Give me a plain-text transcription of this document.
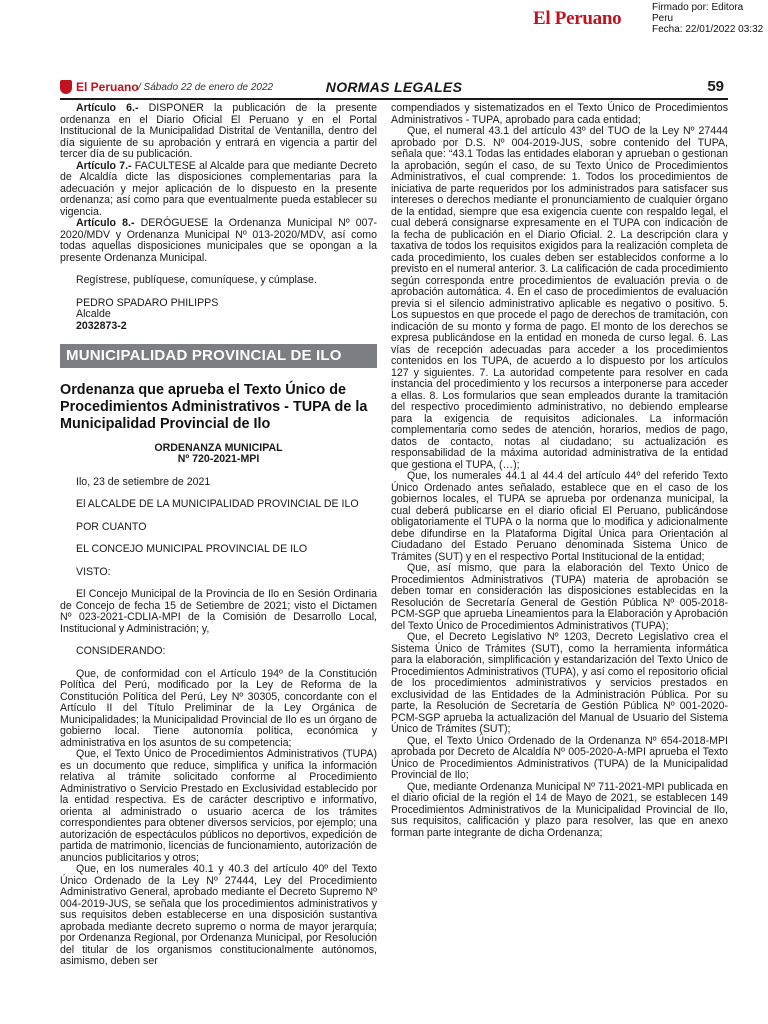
El Peruano
Firmado por: Editora
Peru
Fecha: 22/01/2022 03:32
NORMAS LEGALES
El Peruano / Sábado 22 de enero de 2022	59

Artículo 6.- DISPONER la publicación de la presente ordenanza en el Diario Oficial El Peruano y en el Portal Institucional de la Municipalidad Distrital de Ventanilla, dentro del día siguiente de su aprobación y entrará en vigencia a partir del tercer día de su publicación.

Artículo 7.- FACULTESE al Alcalde para que mediante Decreto de Alcaldía dicte las disposiciones complementarias para la adecuación y mejor aplicación de lo dispuesto en la presente ordenanza; así como para que eventualmente pueda establecer su vigencia.

Artículo 8.- DERÓGUESE la Ordenanza Municipal Nº 007-2020/MDV y Ordenanza Municipal Nº 013-2020/MDV, así como todas aquellas disposiciones municipales que se opongan a la presente Ordenanza Municipal.

Regístrese, publíquese, comuníquese, y cúmplase.

PEDRO SPADARO PHILIPPS

Alcalde

2032873-2

MUNICIPALIDAD PROVINCIAL DE ILO
Ordenanza que aprueba el Texto Único de Procedimientos Administrativos - TUPA de la Municipalidad Provincial de Ilo

ORDENANZA MUNICIPAL

Nº 720-2021-MPI

Ilo, 23 de setiembre de 2021

El ALCALDE DE LA MUNICIPALIDAD PROVINCIAL DE ILO

POR CUANTO

EL CONCEJO MUNICIPAL PROVINCIAL DE ILO

VISTO:

El Concejo Municipal de la Provincia de Ilo en Sesión Ordinaria de Concejo de fecha 15 de Setiembre de 2021; visto el Dictamen Nº 023-2021-CDLIA-MPI de la Comisión de Desarrollo Local, Institucional y Administración; y,

CONSIDERANDO:

Que, de conformidad con el Artículo 194º de la Constitución Política del Perú, modificado por la Ley de Reforma de la Constitución Política del Perú, Ley Nº 30305, concordante con el Artículo II del Título Preliminar de la Ley Orgánica de Municipalidades; la Municipalidad Provincial de Ilo es un órgano de gobierno local. Tiene autonomía política, económica y administrativa en los asuntos de su competencia;

Que, el Texto Único de Procedimientos Administrativos (TUPA) es un documento que reduce, simplifica y unifica la información relativa al trámite solicitado conforme al Procedimiento Administrativo o Servicio Prestado en Exclusividad establecido por la entidad respectiva. Es de carácter descriptivo e informativo, orienta al administrado o usuario acerca de los trámites correspondientes para obtener diversos servicios, por ejemplo; una autorización de espectáculos públicos no deportivos, expedición de partida de matrimonio, licencias de funcionamiento, autorización de anuncios publicitarios y otros;

Que, en los numerales 40.1 y 40.3 del artículo 40º del Texto Único Ordenado de la Ley Nº 27444, Ley del Procedimiento Administrativo General, aprobado mediante el Decreto Supremo Nº 004-2019-JUS, se señala que los procedimientos administrativos y sus requisitos deben establecerse en una disposición sustantiva aprobada mediante decreto supremo o norma de mayor jerarquía; por Ordenanza Regional, por Ordenanza Municipal, por Resolución del titular de los organismos constitucionalmente autónomos, asimismo, deben ser

compendiados y sistematizados en el Texto Único de Procedimientos Administrativos - TUPA, aprobado para cada entidad;

Que, el numeral 43.1 del artículo 43º del TUO de la Ley Nº 27444 aprobado por D.S. Nº 004-2019-JUS, sobre contenido del TUPA, señala que: “43.1 Todas las entidades elaboran y aprueban o gestionan la aprobación, según el caso, de su Texto Único de Procedimientos Administrativos, el cual comprende: 1. Todos los procedimientos de iniciativa de parte requeridos por los administrados para satisfacer sus intereses o derechos mediante el pronunciamiento de cualquier órgano de la entidad, siempre que esa exigencia cuente con respaldo legal, el cual deberá consignarse expresamente en el TUPA con indicación de la fecha de publicación en el Diario Oficial. 2. La descripción clara y taxativa de todos los requisitos exigidos para la realización completa de cada procedimiento, los cuales deben ser establecidos conforme a lo previsto en el numeral anterior. 3. La calificación de cada procedimiento según corresponda entre procedimientos de evaluación previa o de aprobación automática. 4. En el caso de procedimientos de evaluación previa si el silencio administrativo aplicable es negativo o positivo. 5. Los supuestos en que procede el pago de derechos de tramitación, con indicación de su monto y forma de pago. El monto de los derechos se expresa publicándose en la entidad en moneda de curso legal. 6. Las vías de recepción adecuadas para acceder a los procedimientos contenidos en los TUPA, de acuerdo a lo dispuesto por los artículos 127 y siguientes. 7. La autoridad competente para resolver en cada instancia del procedimiento y los recursos a interponerse para acceder a ellas. 8. Los formularios que sean empleados durante la tramitación del respectivo procedimiento administrativo, no debiendo emplearse para la exigencia de requisitos adicionales. La información complementaria como sedes de atención, horarios, medios de pago, datos de contacto, notas al ciudadano; su actualización es responsabilidad de la máxima autoridad administrativa de la entidad que gestiona el TUPA, (…);

Que, los numerales 44.1 al 44.4 del artículo 44º del referido Texto Único Ordenado antes señalado, establece que en el caso de los gobiernos locales, el TUPA se aprueba por ordenanza municipal, la cual deberá publicarse en el diario oficial El Peruano, publicándose obligatoriamente el TUPA o la norma que lo modifica y adicionalmente debe difundirse en la Plataforma Digital Única para Orientación al Ciudadano del Estado Peruano denominada Sistema Único de Trámites (SUT) y en el respectivo Portal Institucional de la entidad;

Que, así mismo, que para la elaboración del Texto Único de Procedimientos Administrativos (TUPA) materia de aprobación se deben tomar en consideración las disposiciones establecidas en la Resolución de Secretaría General de Gestión Pública Nº 005-2018-PCM-SGP que aprueba Lineamientos para la Elaboración y Aprobación del Texto Único de Procedimientos Administrativos (TUPA);

Que, el Decreto Legislativo Nº 1203, Decreto Legislativo crea el Sistema Único de Trámites (SUT), como la herramienta informática para la elaboración, simplificación y estandarización del Texto Único de Procedimientos Administrativos (TUPA), y así como el repositorio oficial de los procedimientos administrativos y servicios prestados en exclusividad de las Entidades de la Administración Pública. Por su parte, la Resolución de Secretaría de Gestión Pública Nº 001-2020-PCM-SGP aprueba la actualización del Manual de Usuario del Sistema Único de Trámites (SUT);

Que, el Texto Único Ordenado de la Ordenanza Nº 654-2018-MPI aprobada por Decreto de Alcaldía Nº 005-2020-A-MPI aprueba el Texto Único de Procedimientos Administrativos (TUPA) de la Municipalidad Provincial de Ilo;

Que, mediante Ordenanza Municipal Nº 711-2021-MPI publicada en el diario oficial de la región el 14 de Mayo de 2021, se establecen 149 Procedimientos Administrativos de la Municipalidad Provincial de Ilo, sus requisitos, calificación y plazo para resolver, las que en anexo forman parte integrante de dicha Ordenanza;
